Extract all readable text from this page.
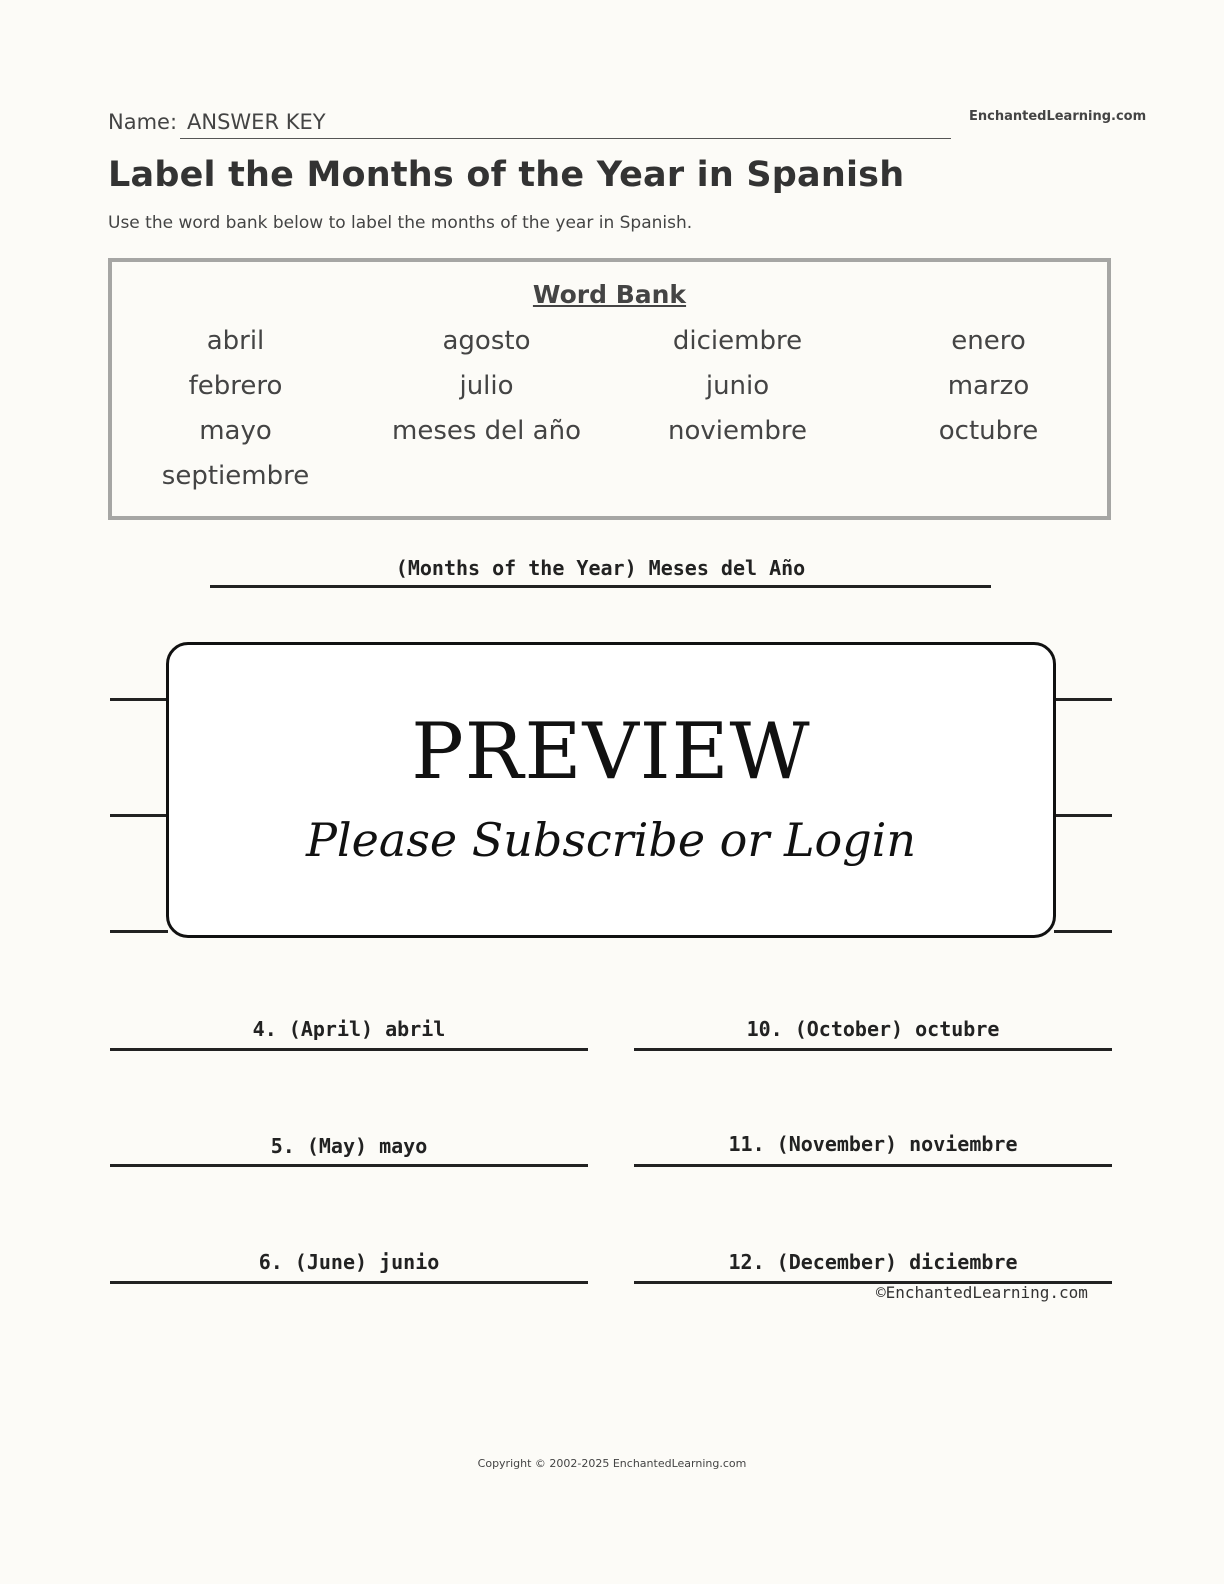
Name: ANSWER KEY	EnchantedLearning.com
Label the Months of the Year in Spanish
Use the word bank below to label the months of the year in Spanish.
Word Bank
abril	agosto	diciembre	enero
febrero	julio	junio	marzo
mayo	meses del año	noviembre	octubre
septiembre
(Months of the Year) Meses del Año
PREVIEW
Please Subscribe or Login
4. (April) abril
5. (May) mayo
6. (June) junio
10. (October) octubre
11. (November) noviembre
12. (December) diciembre
©EnchantedLearning.com
Copyright © 2002-2025 EnchantedLearning.com
